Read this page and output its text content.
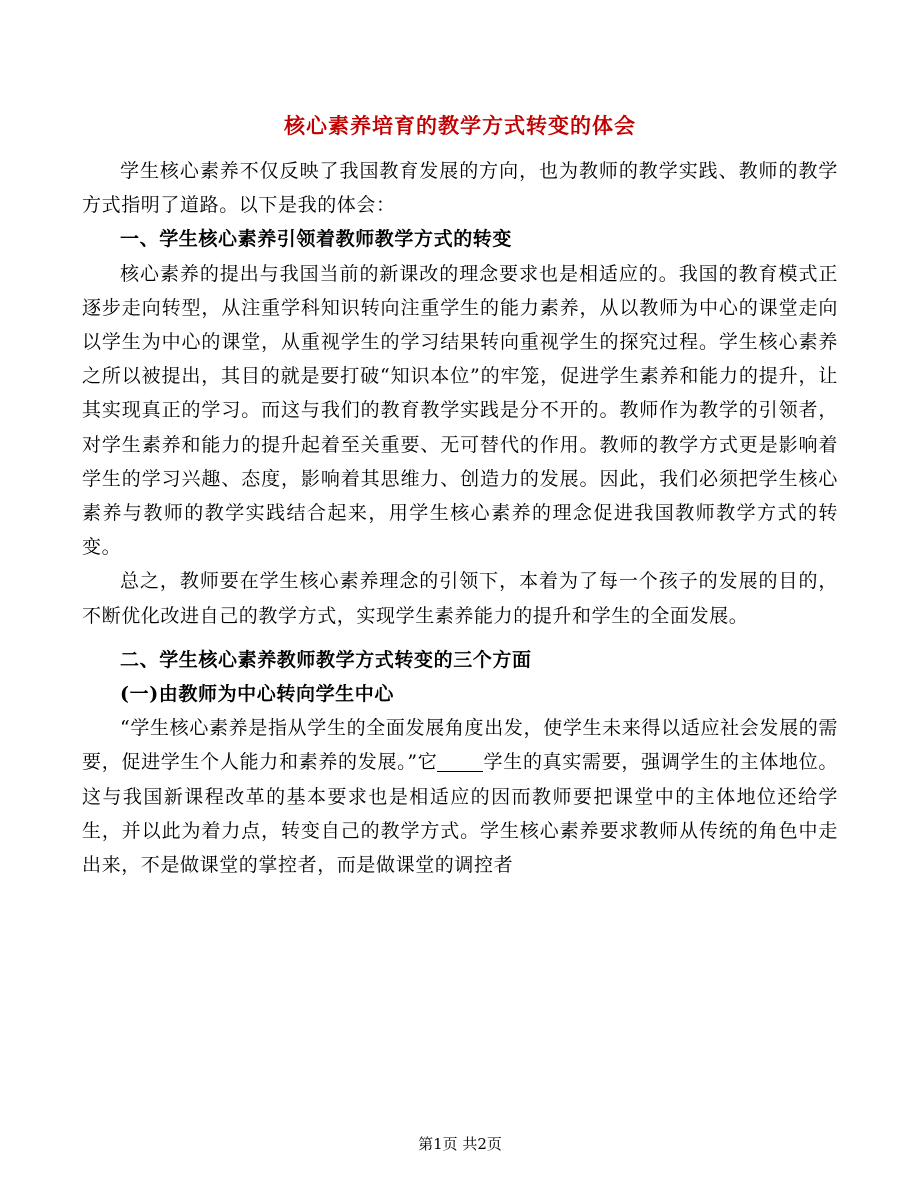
核心素养培育的教学方式转变的体会

学生核心素养不仅反映了我国教育发展的方向，也为教师的教学实践、教师的教学方式指明了道路。以下是我的体会：

一、学生核心素养引领着教师教学方式的转变

核心素养的提出与我国当前的新课改的理念要求也是相适应的。我国的教育模式正逐步走向转型，从注重学科知识转向注重学生的能力素养，从以教师为中心的课堂走向以学生为中心的课堂，从重视学生的学习结果转向重视学生的探究过程。学生核心素养之所以被提出，其目的就是要打破“知识本位”的牢笼，促进学生素养和能力的提升，让其实现真正的学习。而这与我们的教育教学实践是分不开的。教师作为教学的引领者，对学生素养和能力的提升起着至关重要、无可替代的作用。教师的教学方式更是影响着学生的学习兴趣、态度，影响着其思维力、创造力的发展。因此，我们必须把学生核心素养与教师的教学实践结合起来，用学生核心素养的理念促进我国教师教学方式的转变。

总之，教师要在学生核心素养理念的引领下，本着为了每一个孩子的发展的目的，不断优化改进自己的教学方式，实现学生素养能力的提升和学生的全面发展。

二、学生核心素养教师教学方式转变的三个方面

(一)由教师为中心转向学生中心

“学生核心素养是指从学生的全面发展角度出发，使学生未来得以适应社会发展的需要，促进学生个人能力和素养的发展。”它 学生的真实需要，强调学生的主体地位。这与我国新课程改革的基本要求也是相适应的因而教师要把课堂中的主体地位还给学生，并以此为着力点，转变自己的教学方式。学生核心素养要求教师从传统的角色中走出来，不是做课堂的掌控者，而是做课堂的调控者

第1页 共2页
